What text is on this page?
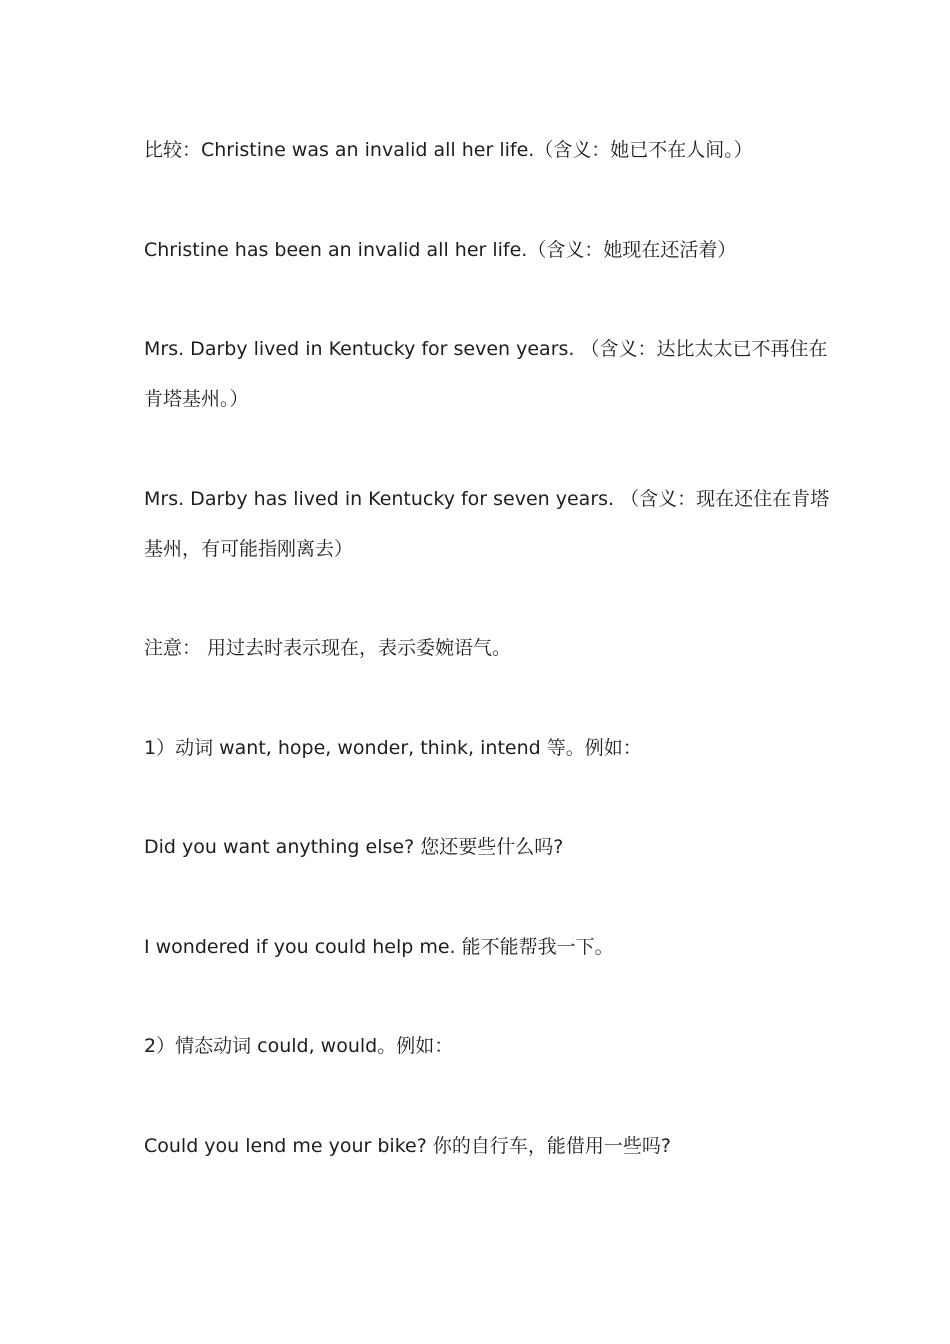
比较：Christine was an invalid all her life.（含义：她已不在人间。）
Christine has been an invalid all her life.（含义：她现在还活着）
Mrs. Darby lived in Kentucky for seven years. （含义：达比太太已不再住在
肯塔基州。）
Mrs. Darby has lived in Kentucky for seven years. （含义：现在还住在肯塔
基州，有可能指刚离去）
注意： 用过去时表示现在，表示委婉语气。
1）动词 want, hope, wonder, think, intend 等。例如：
Did you want anything else? 您还要些什么吗?
I wondered if you could help me. 能不能帮我一下。
2）情态动词 could, would。例如：
Could you lend me your bike? 你的自行车，能借用一些吗?
